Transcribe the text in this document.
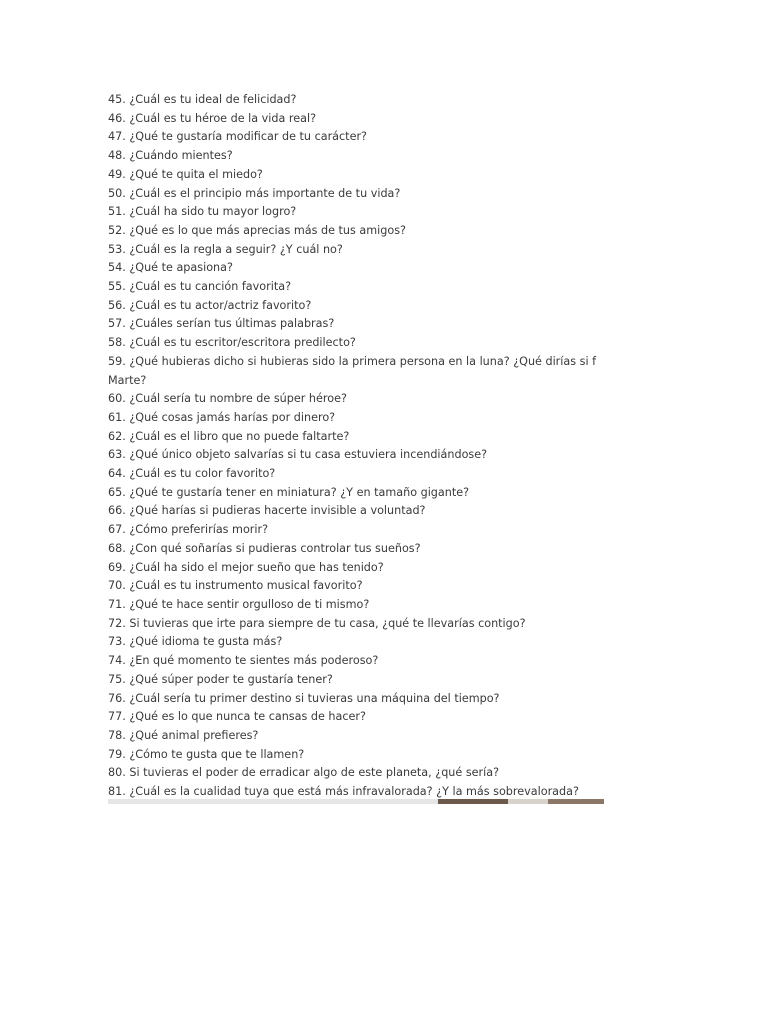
45. ¿Cuál es tu ideal de felicidad?
46. ¿Cuál es tu héroe de la vida real?
47. ¿Qué te gustaría modificar de tu carácter?
48. ¿Cuándo mientes?
49. ¿Qué te quita el miedo?
50. ¿Cuál es el principio más importante de tu vida?
51. ¿Cuál ha sido tu mayor logro?
52. ¿Qué es lo que más aprecias más de tus amigos?
53. ¿Cuál es la regla a seguir? ¿Y cuál no?
54. ¿Qué te apasiona?
55. ¿Cuál es tu canción favorita?
56. ¿Cuál es tu actor/actriz favorito?
57. ¿Cuáles serían tus últimas palabras?
58. ¿Cuál es tu escritor/escritora predilecto?
59. ¿Qué hubieras dicho si hubieras sido la primera persona en la luna? ¿Qué dirías si f
Marte?
60. ¿Cuál sería tu nombre de súper héroe?
61. ¿Qué cosas jamás harías por dinero?
62. ¿Cuál es el libro que no puede faltarte?
63. ¿Qué único objeto salvarías si tu casa estuviera incendiándose?
64. ¿Cuál es tu color favorito?
65. ¿Qué te gustaría tener en miniatura? ¿Y en tamaño gigante?
66. ¿Qué harías si pudieras hacerte invisible a voluntad?
67. ¿Cómo preferirías morir?
68. ¿Con qué soñarías si pudieras controlar tus sueños?
69. ¿Cuál ha sido el mejor sueño que has tenido?
70. ¿Cuál es tu instrumento musical favorito?
71. ¿Qué te hace sentir orgulloso de ti mismo?
72. Si tuvieras que irte para siempre de tu casa, ¿qué te llevarías contigo?
73. ¿Qué idioma te gusta más?
74. ¿En qué momento te sientes más poderoso?
75. ¿Qué súper poder te gustaría tener?
76. ¿Cuál sería tu primer destino si tuvieras una máquina del tiempo?
77. ¿Qué es lo que nunca te cansas de hacer?
78. ¿Qué animal prefieres?
79. ¿Cómo te gusta que te llamen?
80. Si tuvieras el poder de erradicar algo de este planeta, ¿qué sería?
81. ¿Cuál es la cualidad tuya que está más infravalorada? ¿Y la más sobrevalorada?
